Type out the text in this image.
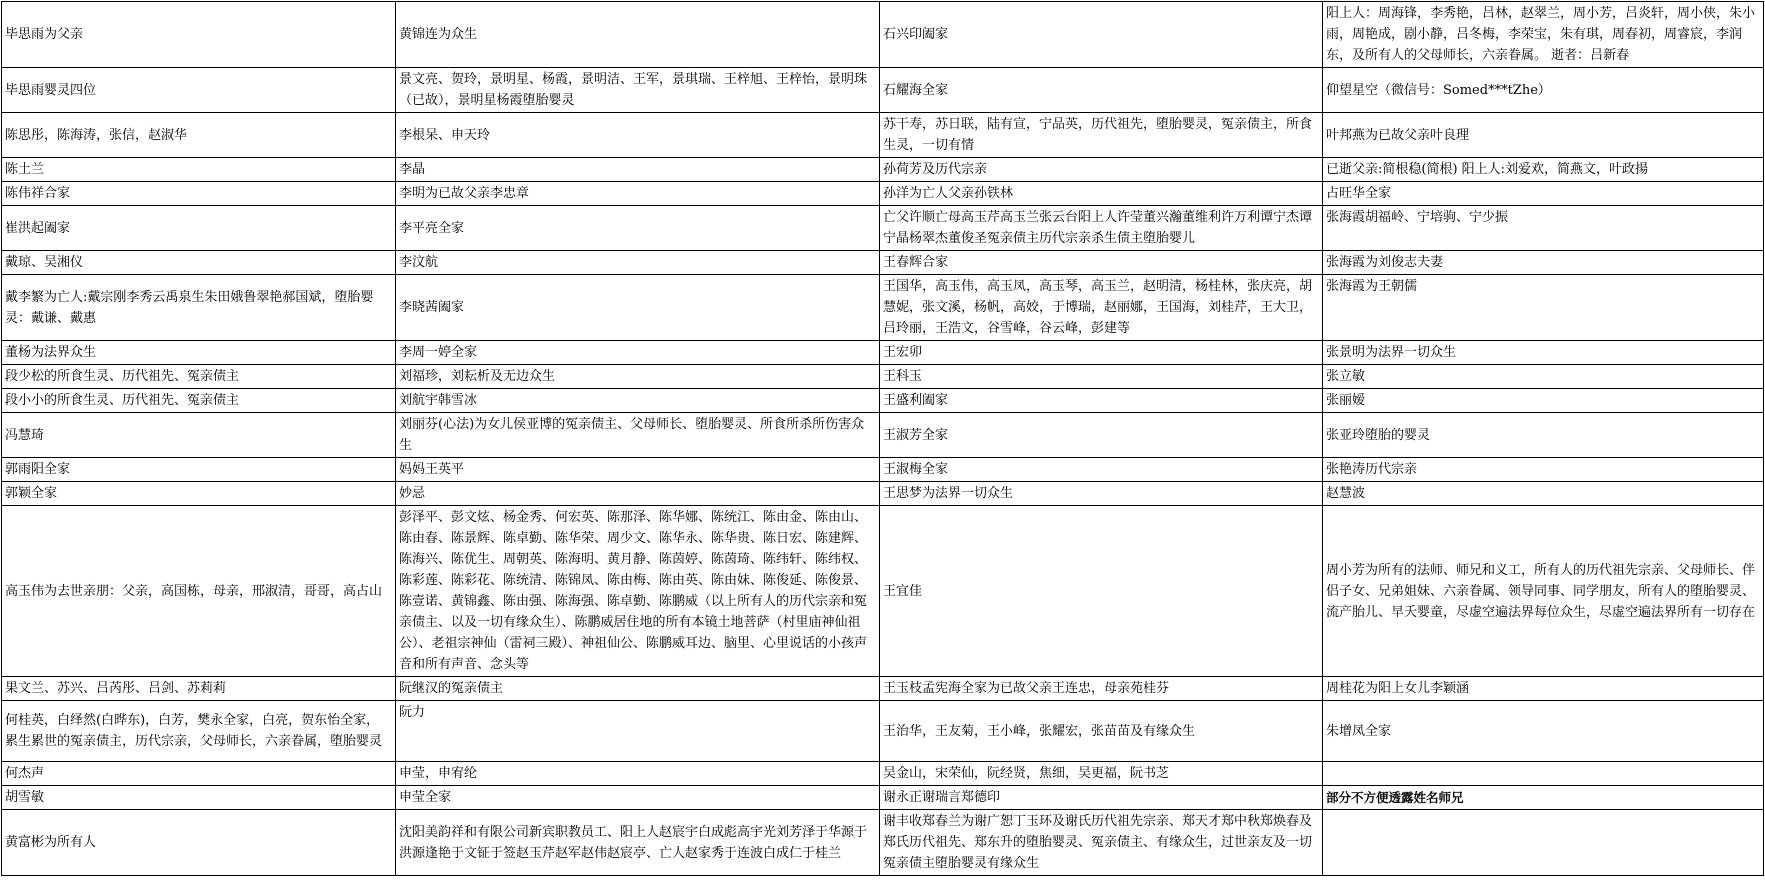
毕思雨为父亲	黄锦连为众生	石兴印阖家	阳上人：周海锋，李秀艳，吕林，赵翠兰，周小芳，吕炎轩，周小侠，朱小雨，周艳成，剧小静，吕冬梅，李荣宝，朱有琪，周春初，周睿宸，李润东，及所有人的父母师长，六亲眷属。 逝者：吕新春
毕思雨婴灵四位	景文亮、贺玲，景明星、杨霞，景明洁、王军，景琪瑞、王梓旭、王梓怡，景明珠（已故），景明星杨霞堕胎婴灵	石耀海全家	仰望星空（微信号：Somed***tZhe）
陈思彤，陈海涛，张信，赵淑华	李根呆、申天玲	苏干寿，苏日联，陆有宣，宁品英，历代祖先，堕胎婴灵，冤亲债主，所食生灵，一切有情	叶邦燕为已故父亲叶良理
陈土兰	李晶	孙荷芳及历代宗亲	已逝父亲:简根稳(简根) 阳上人:刘爱欢，简燕文，叶政揚
陈伟祥合家	李明为已故父亲李忠章	孙洋为亡人父亲孙铁林	占旺华全家
崔洪起阖家	李平亮全家	亡父许顺亡母高玉芹高玉兰张云台阳上人许莹董兴瀚董维利许万利谭宁杰谭宁晶杨翠杰董俊圣冤亲债主历代宗亲杀生债主堕胎婴儿	张海霞胡福岭、宁培驹、宁少振
戴琼、吴湘仪	李汶航	王春辉合家	张海霞为刘俊志夫妻
戴李繁为亡人:戴宗刚李秀云禹泉生朱田娥鲁翠艳郝国斌，堕胎婴灵：戴谦、戴惠	李晓茜阖家	王国华，高玉伟，高玉凤，高玉琴，高玉兰，赵明清，杨桂林，张庆亮，胡慧妮，张文溪，杨帆，高姣，于博瑞，赵丽娜，王国海，刘桂芹，王大卫，吕玲丽，王浩文，谷雪峰，谷云峰，彭建等	张海霞为王朝儒
董杨为法界众生	李周一婷全家	王宏卯	张景明为法界一切众生
段少松的所食生灵、历代祖先、冤亲债主	刘福珍，刘耘析及无边众生	王科玉	张立敏
段小小的所食生灵、历代祖先、冤亲债主	刘航宇韩雪冰	王盛利阖家	张丽嫒
冯慧琦	刘丽芬(心法)为女儿侯亚博的冤亲债主、父母师长、堕胎婴灵、所食所杀所伤害众生	王淑芳全家	张亚玲堕胎的婴灵
郭雨阳全家	妈妈王英平	王淑梅全家	张艳涛历代宗亲
郭颖全家	妙忌	王思梦为法界一切众生	赵慧波
高玉伟为去世亲朋：父亲，高国栋，母亲，邢淑清，哥哥，高占山	彭泽平、彭文炫、杨金秀、何宏英、陈那泽、陈华娜、陈统江、陈由金、陈由山、陈由春、陈景辉、陈卓勤、陈华荣、周少文、陈华永、陈华贵、陈日宏、陈建辉、陈海兴、陈优生、周朝英、陈海明、黄月静、陈茵婷、陈茵琦、陈纬轩、陈纬权、陈彩莲、陈彩花、陈统清、陈锦凤、陈由梅、陈由英、陈由妹、陈俊延、陈俊景、陈壹诺、黄锦鑫、陈由强、陈海强、陈卓勤、陈鹏威（以上所有人的历代宗亲和冤亲债主、以及一切有缘众生）、陈鹏威居住地的所有本镜土地菩萨（村里庙神仙祖公）、老祖宗神仙（雷祠三殿）、神祖仙公、陈鹏威耳边、脑里、心里说话的小孩声音和所有声音、念头等	王宜佳	周小芳为所有的法师、师兄和义工，所有人的历代祖先宗亲、父母师长、伴侣子女、兄弟姐妹、六亲眷属、领导同事、同学朋友，所有人的堕胎婴灵、流产胎儿、早夭婴童，尽虚空遍法界每位众生，尽虚空遍法界所有一切存在
果文兰、苏兴、吕芮彤、吕剑、苏莉莉	阮继汉的冤亲债主	王玉枝孟宪海全家为已故父亲王连忠，母亲苑桂芬	周桂花为阳上女儿李颖涵
何桂英，白绎然(白晔东)，白芳，樊永全家，白亮，贺东怡全家，累生累世的冤亲债主，历代宗亲，父母师长，六亲眷属，堕胎婴灵	阮力	王治华，王友菊，王小峰，张耀宏，张苗苗及有缘众生	朱增凤全家
何杰声	申莹，申宥纶	吴金山，宋荣仙，阮经贤，焦细，吴更福，阮书芝	
胡雪敏	申莹全家	谢永正谢瑞言郑德印	部分不方便透露姓名师兄
黄富彬为所有人	沈阳美韵祥和有限公司新宾职教员工、阳上人赵宸宇白成彪高宇光刘芳泽于华源于洪源逢艳于文钲于签赵玉芹赵军赵伟赵宸亭、亡人赵家秀于连波白成仁于桂兰	谢丰收郑春兰为谢广恕丁玉环及谢氏历代祖先宗亲、郑天才郑中秋郑焕春及郑氏历代祖先、郑东升的堕胎婴灵、冤亲债主、有缘众生，过世亲友及一切冤亲债主堕胎婴灵有缘众生	
